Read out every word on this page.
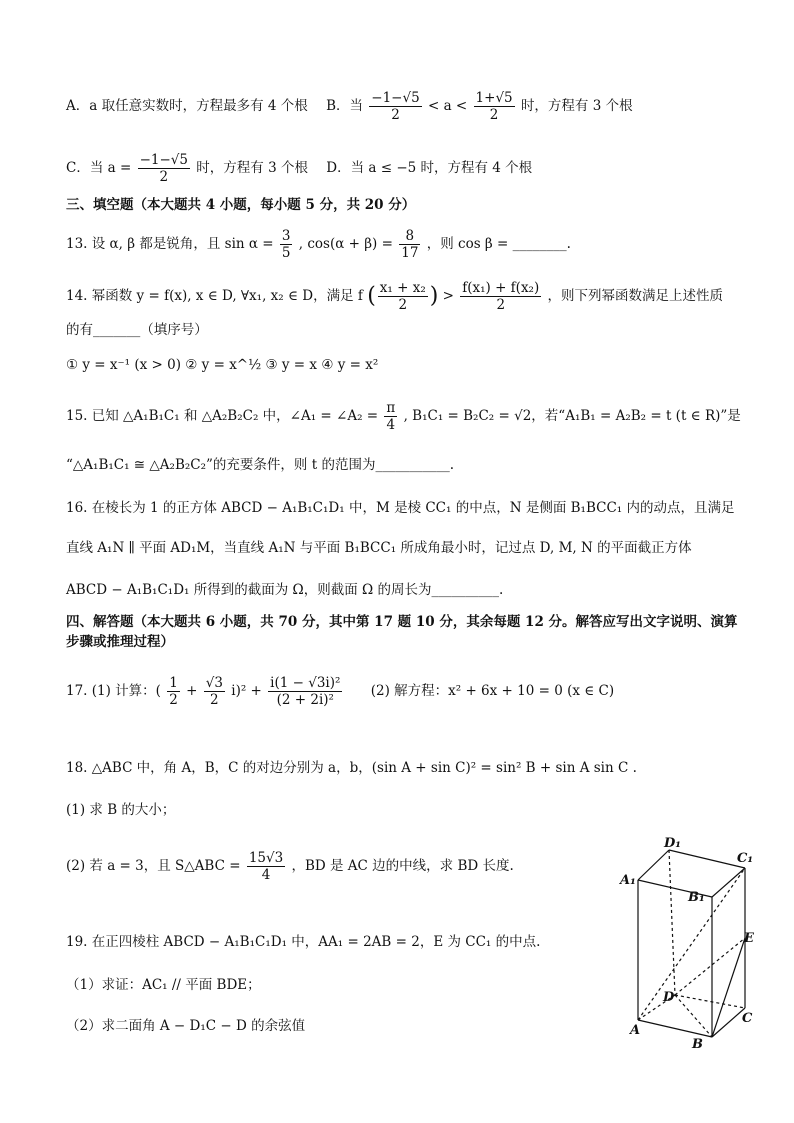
A．a 取任意实数时，方程最多有 4 个根 B．当 $\frac{-1-√5}{2} < a < \frac{1+√5}{2}$ 时，方程有 3 个根
C．当 $a = \frac{-1-√5}{2}$ 时，方程有 3 个根 D．当 a ≤ −5 时，方程有 4 个根
三、填空题（本大题共 4 小题，每小题 5 分，共 20 分）
13. 设 α, β 都是锐角，且 $\sin \alpha = \frac{3}{5}$ , $\cos(\alpha + \beta) = \frac{8}{17}$ ，则 cos β = ________.
14. 幂函数 y = f(x), x ∈ D, ∀x₁, x₂ ∈ D，满足 f ( $\frac{\text{x₁ + x₂}}{2}$ ) > $\frac{\text{f(x₁) + f(x₂)}}{2}$ ，则下列幂函数满足上述性质
的有_______（填序号）
① y = x⁻¹ (x > 0) ② y = x^½ ③ y = x ④ y = x²
15. 已知 △A₁B₁C₁ 和 △A₂B₂C₂ 中，∠A₁ = ∠A₂ = $\frac{\pi}{4}$ , B₁C₁ = B₂C₂ = √2，若“A₁B₁ = A₂B₂ = t (t ∈ R)”是
“△A₁B₁C₁ ≅ △A₂B₂C₂”的充要条件，则 t 的范围为___________.
16. 在棱长为 1 的正方体 ABCD − A₁B₁C₁D₁ 中，M 是棱 CC₁ 的中点，N 是侧面 B₁BCC₁ 内的动点，且满足
直线 A₁N ∥ 平面 AD₁M，当直线 A₁N 与平面 B₁BCC₁ 所成角最小时，记过点 D, M, N 的平面截正方体
ABCD − A₁B₁C₁D₁ 所得到的截面为 Ω，则截面 Ω 的周长为__________.
四、解答题（本大题共 6 小题，共 70 分，其中第 17 题 10 分，其余每题 12 分。解答应写出文字说明、演算
步骤或推理过程）
17. (1) 计算：( $\frac{1}{2} + \frac{√3}{2} i)^2 + \frac{\text{i(1 − √3i)²}}{\text{(2 + 2i)²}} (2)$ 解方程：x² + 6x + 10 = 0 (x ∈ C)
18. △ABC 中，角 A，B，C 的对边分别为 a，b，(sin A + sin C)² = sin² B + sin A sin C .
(1) 求 B 的大小；
(2) 若 a = 3，且 S△ABC = $\frac{15√3}{4}$ ，BD 是 AC 边的中线，求 BD 长度.
19. 在正四棱柱 ABCD − A₁B₁C₁D₁ 中，AA₁ = 2AB = 2，E 为 CC₁ 的中点.
（1）求证：AC₁ // 平面 BDE；
（2）求二面角 A − D₁C − D 的余弦值
D₁
C₁
A₁
B₁
E
D
C
A
B
